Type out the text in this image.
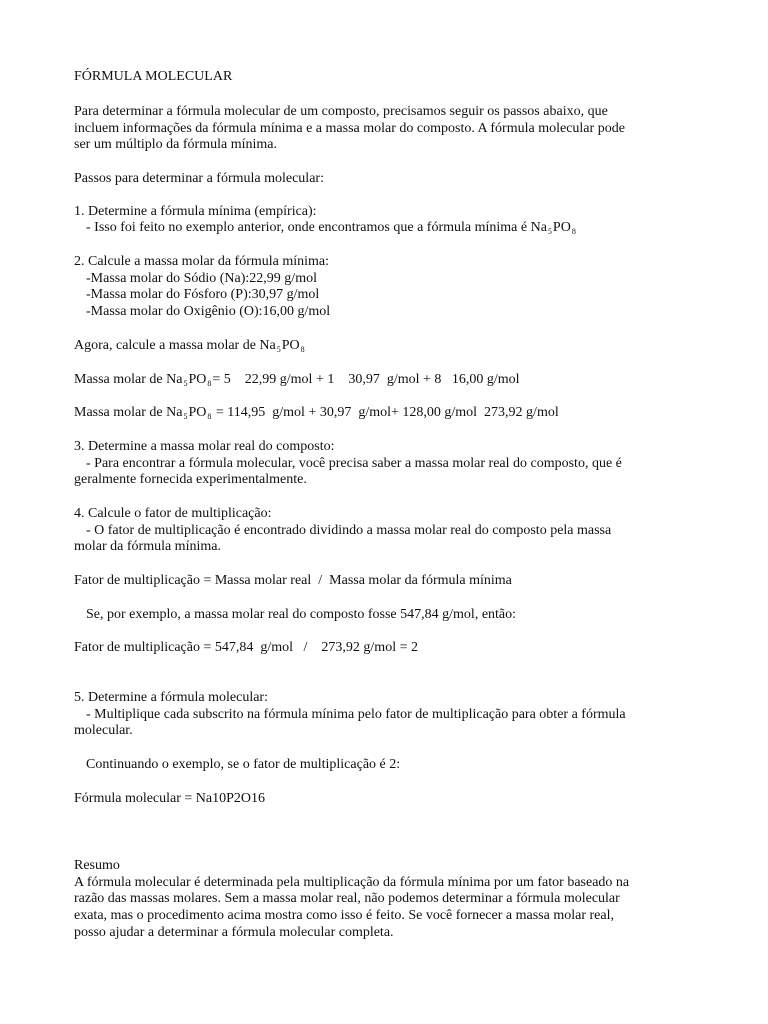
FÓRMULA MOLECULAR
Para determinar a fórmula molecular de um composto, precisamos seguir os passos abaixo, que
incluem informações da fórmula mínima e a massa molar do composto. A fórmula molecular pode
ser um múltiplo da fórmula mínima.
Passos para determinar a fórmula molecular:
1. Determine a fórmula mínima (empírica):
- Isso foi feito no exemplo anterior, onde encontramos que a fórmula mínima é $Na_5PO_8$
2. Calcule a massa molar da fórmula mínima:
-Massa molar do Sódio (Na):22,99 g/mol
-Massa molar do Fósforo (P):30,97 g/mol
-Massa molar do Oxigênio (O):16,00 g/mol
Agora, calcule a massa molar de $Na_5PO_8$
Massa molar de $Na_5PO_8= 5$    22,99 g/mol + 1    30,97  g/mol + 8   16,00 g/mol
Massa molar de $Na_5PO_8 = 114,95$  g/mol + 30,97  g/mol+ 128,00 g/mol  273,92 g/mol
3. Determine a massa molar real do composto:
- Para encontrar a fórmula molecular, você precisa saber a massa molar real do composto, que é
geralmente fornecida experimentalmente.
4. Calcule o fator de multiplicação:
- O fator de multiplicação é encontrado dividindo a massa molar real do composto pela massa
molar da fórmula mínima.
Fator de multiplicação = Massa molar real  /  Massa molar da fórmula mínima
Se, por exemplo, a massa molar real do composto fosse 547,84 g/mol, então:
Fator de multiplicação = 547,84  g/mol   /    273,92 g/mol = 2
5. Determine a fórmula molecular:
- Multiplique cada subscrito na fórmula mínima pelo fator de multiplicação para obter a fórmula
molecular.
Continuando o exemplo, se o fator de multiplicação é 2:
Fórmula molecular = Na10P2O16
Resumo
A fórmula molecular é determinada pela multiplicação da fórmula mínima por um fator baseado na
razão das massas molares. Sem a massa molar real, não podemos determinar a fórmula molecular
exata, mas o procedimento acima mostra como isso é feito. Se você fornecer a massa molar real,
posso ajudar a determinar a fórmula molecular completa.
